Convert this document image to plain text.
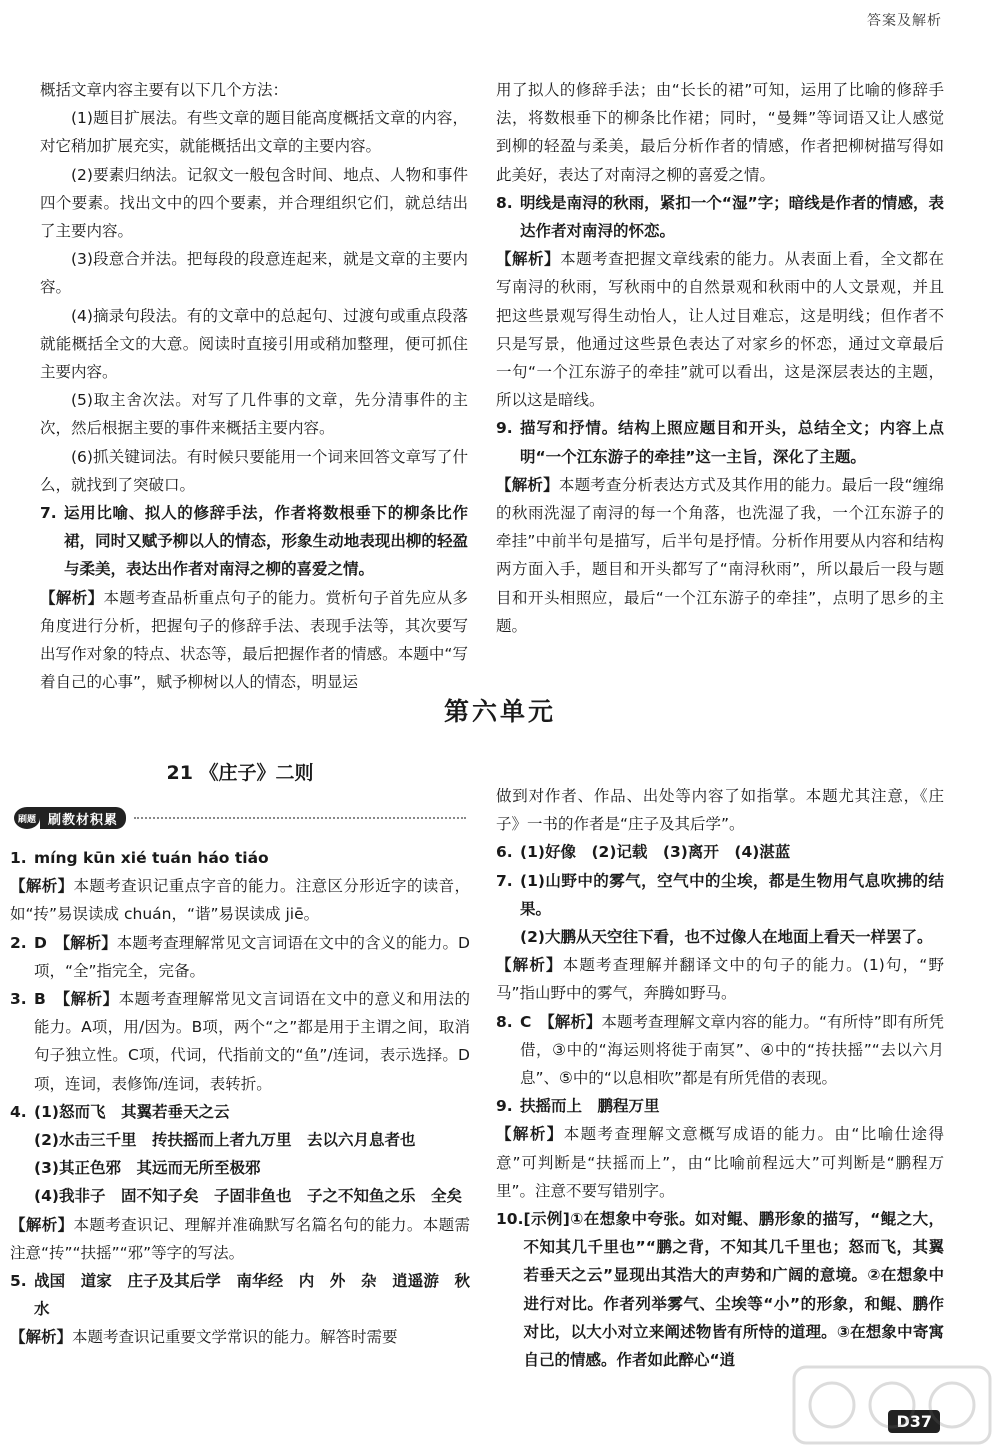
答案及解析

概括文章内容主要有以下几个方法：

(1)题目扩展法。有些文章的题目能高度概括文章的内容，对它稍加扩展充实，就能概括出文章的主要内容。

(2)要素归纳法。记叙文一般包含时间、地点、人物和事件四个要素。找出文中的四个要素，并合理组织它们，就总结出了主要内容。

(3)段意合并法。把每段的段意连起来，就是文章的主要内容。

(4)摘录句段法。有的文章中的总起句、过渡句或重点段落就能概括全文的大意。阅读时直接引用或稍加整理，便可抓住主要内容。

(5)取主舍次法。对写了几件事的文章，先分清事件的主次，然后根据主要的事件来概括主要内容。

(6)抓关键词法。有时候只要能用一个词来回答文章写了什么，就找到了突破口。

7. 运用比喻、拟人的修辞手法，作者将数根垂下的柳条比作裙，同时又赋予柳以人的情态，形象生动地表现出柳的轻盈与柔美，表达出作者对南浔之柳的喜爱之情。

【解析】本题考查品析重点句子的能力。赏析句子首先应从多角度进行分析，把握句子的修辞手法、表现手法等，其次要写出写作对象的特点、状态等，最后把握作者的情感。本题中“写着自己的心事”，赋予柳树以人的情态，明显运

用了拟人的修辞手法；由“长长的裙”可知，运用了比喻的修辞手法，将数根垂下的柳条比作裙；同时，“曼舞”等词语又让人感觉到柳的轻盈与柔美，最后分析作者的情感，作者把柳树描写得如此美好，表达了对南浔之柳的喜爱之情。

8. 明线是南浔的秋雨，紧扣一个“湿”字；暗线是作者的情感，表达作者对南浔的怀恋。

【解析】本题考查把握文章线索的能力。从表面上看，全文都在写南浔的秋雨，写秋雨中的自然景观和秋雨中的人文景观，并且把这些景观写得生动怡人，让人过目难忘，这是明线；但作者不只是写景，他通过这些景色表达了对家乡的怀恋，通过文章最后一句“一个江东游子的牵挂”就可以看出，这是深层表达的主题，所以这是暗线。

9. 描写和抒情。结构上照应题目和开头，总结全文；内容上点明“一个江东游子的牵挂”这一主旨，深化了主题。

【解析】本题考查分析表达方式及其作用的能力。最后一段“缠绵的秋雨洗湿了南浔的每一个角落，也洗湿了我，一个江东游子的牵挂”中前半句是描写，后半句是抒情。分析作用要从内容和结构两方面入手，题目和开头都写了“南浔秋雨”，所以最后一段与题目和开头相照应，最后“一个江东游子的牵挂”，点明了思乡的主题。

第六单元
21 《庄子》二则
刷题 刷教材积累
1. míng kūn xié tuán háo tiáo

【解析】本题考查识记重点字音的能力。注意区分形近字的读音，如“抟”易误读成 chuán，“谐”易误读成 jiē。

2. D　 【解析】本题考查理解常见文言词语在文中的含义的能力。D项，“全”指完全，完备。
3. B　 【解析】本题考查理解常见文言词语在文中的意义和用法的能力。A项，用/因为。B项，两个“之”都是用于主谓之间，取消句子独立性。C项，代词，代指前文的“鱼”/连词，表示选择。D项，连词，表修饰/连词，表转折。
4. (1)怒而飞　其翼若垂天之云
(2)水击三千里　抟扶摇而上者九万里　去以六月息者也
(3)其正色邪　其远而无所至极邪
(4)我非子　固不知子矣　子固非鱼也　子之不知鱼之乐　全矣

【解析】本题考查识记、理解并准确默写名篇名句的能力。本题需注意“抟”“扶摇”“邪”等字的写法。

5. 战国　道家　庄子及其后学　南华经　内　外　杂　逍遥游　秋水

【解析】本题考查识记重要文学常识的能力。解答时需要

做到对作者、作品、出处等内容了如指掌。本题尤其注意，《庄子》一书的作者是“庄子及其后学”。

6. (1)好像　(2)记载　(3)离开　(4)湛蓝
7. (1)山野中的雾气，空气中的尘埃，都是生物用气息吹拂的结果。
(2)大鹏从天空往下看，也不过像人在地面上看天一样罢了。

【解析】本题考查理解并翻译文中的句子的能力。(1)句，“野马”指山野中的雾气，奔腾如野马。

8. C　 【解析】本题考查理解文章内容的能力。“有所恃”即有所凭借，③中的“海运则将徙于南冥”、④中的“抟扶摇”“去以六月息”、⑤中的“以息相吹”都是有所凭借的表现。
9. 扶摇而上　鹏程万里

【解析】本题考查理解文意概写成语的能力。由“比喻仕途得意”可判断是“扶摇而上”，由“比喻前程远大”可判断是“鹏程万里”。注意不要写错别字。

10. [示例]①在想象中夸张。如对鲲、鹏形象的描写，“鲲之大，不知其几千里也”“鹏之背，不知其几千里也；怒而飞，其翼若垂天之云”显现出其浩大的声势和广阔的意境。②在想象中进行对比。作者列举雾气、尘埃等“小”的形象，和鲲、鹏作对比，以大小对立来阐述物皆有所恃的道理。③在想象中寄寓自己的情感。作者如此醉心“逍
D37
